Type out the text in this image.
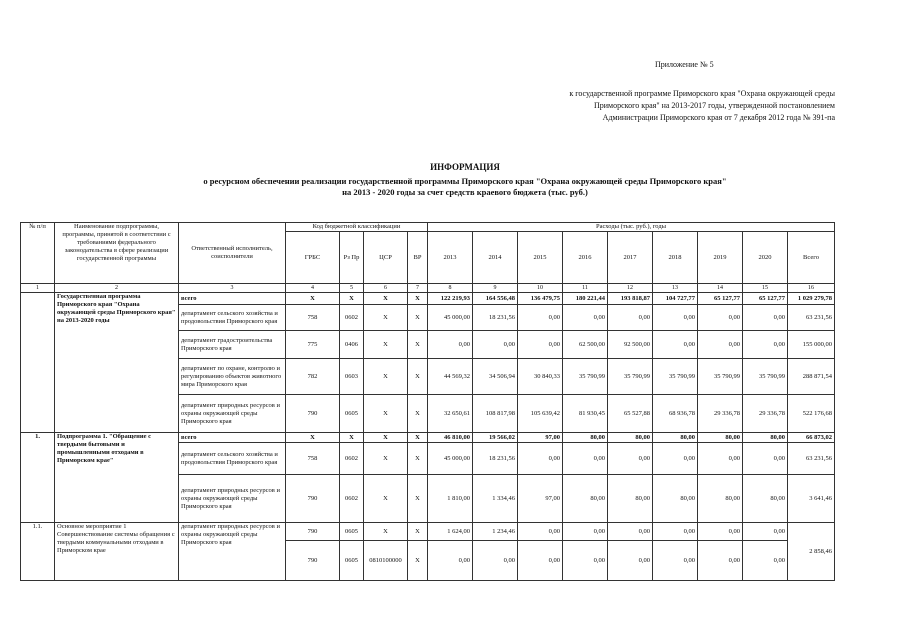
Приложение № 5
к государственной программе Приморского края "Охрана окружающей среды
Приморского края" на 2013-2017 годы, утвержденной постановлением
Администрации Приморского края от 7 декабря 2012 года № 391-па
ИНФОРМАЦИЯ
о ресурсном обеспечении реализации государственной программы Приморского края "Охрана окружающей среды Приморского края"
на 2013 - 2020 годы за счет средств краевого бюджета (тыс. руб.)
№ п/п	Наименование подпрограммы, программы, принятой в соответствии с требованиями федерального законодательства в сфере реализации государственной программы	Ответственный исполнитель, соисполнители	Код бюджетной классификации				Расходы (тыс. руб.), годы								
			ГРБС	Рз Пр	ЦСР	ВР	2013	2014	2015	2016	2017	2018	2019	2020	Всего
1	2	3	4	5	6	7	8	9	10	11	12	13	14	15	16
	Государственная программа Приморского края "Охрана окружающей среды Приморского края" на 2013-2020 годы	всего	X	X	X	X	122 219,93	164 556,48	136 479,75	180 221,44	193 818,87	104 727,77	65 127,77	65 127,77	1 029 279,78
		департамент сельского хозяйства и продовольствия Приморского края	758	0602	X	X	45 000,00	18 231,56	0,00	0,00	0,00	0,00	0,00	0,00	63 231,56
		департамент градостроительства Приморского края	775	0406	X	X	0,00	0,00	0,00	62 500,00	92 500,00	0,00	0,00	0,00	155 000,00
		департамент по охране, контролю и регулированию объектов животного мира Приморского края	782	0603	X	X	44 569,32	34 506,94	30 840,33	35 790,99	35 790,99	35 790,99	35 790,99	35 790,99	288 871,54
		департамент природных ресурсов и охраны окружающей среды Приморского края	790	0605	X	X	32 650,61	108 817,98	105 639,42	81 930,45	65 527,88	68 936,78	29 336,78	29 336,78	522 176,68
1.	Подпрограмма 1. "Обращение с твердыми бытовыми и промышленными отходами в Приморском крае"	всего	X	X	X	X	46 810,00	19 566,02	97,00	80,00	80,00	80,00	80,00	80,00	66 873,02
		департамент сельского хозяйства и продовольствия Приморского края	758	0602	X	X	45 000,00	18 231,56	0,00	0,00	0,00	0,00	0,00	0,00	63 231,56
		департамент природных ресурсов и охраны окружающей среды Приморского края	790	0602	X	X	1 810,00	1 334,46	97,00	80,00	80,00	80,00	80,00	80,00	3 641,46
1.1.	Основное мероприятие 1 Совершенствование системы обращения с твердыми коммунальными отходами в Приморском крае	департамент природных ресурсов и охраны окружающей среды Приморского края	790	0605	X	X	1 624,00	1 234,46	0,00	0,00	0,00	0,00	0,00	0,00	2 858,46
			790	0605	0810100000	X	0,00	0,00	0,00	0,00	0,00	0,00	0,00	0,00	
